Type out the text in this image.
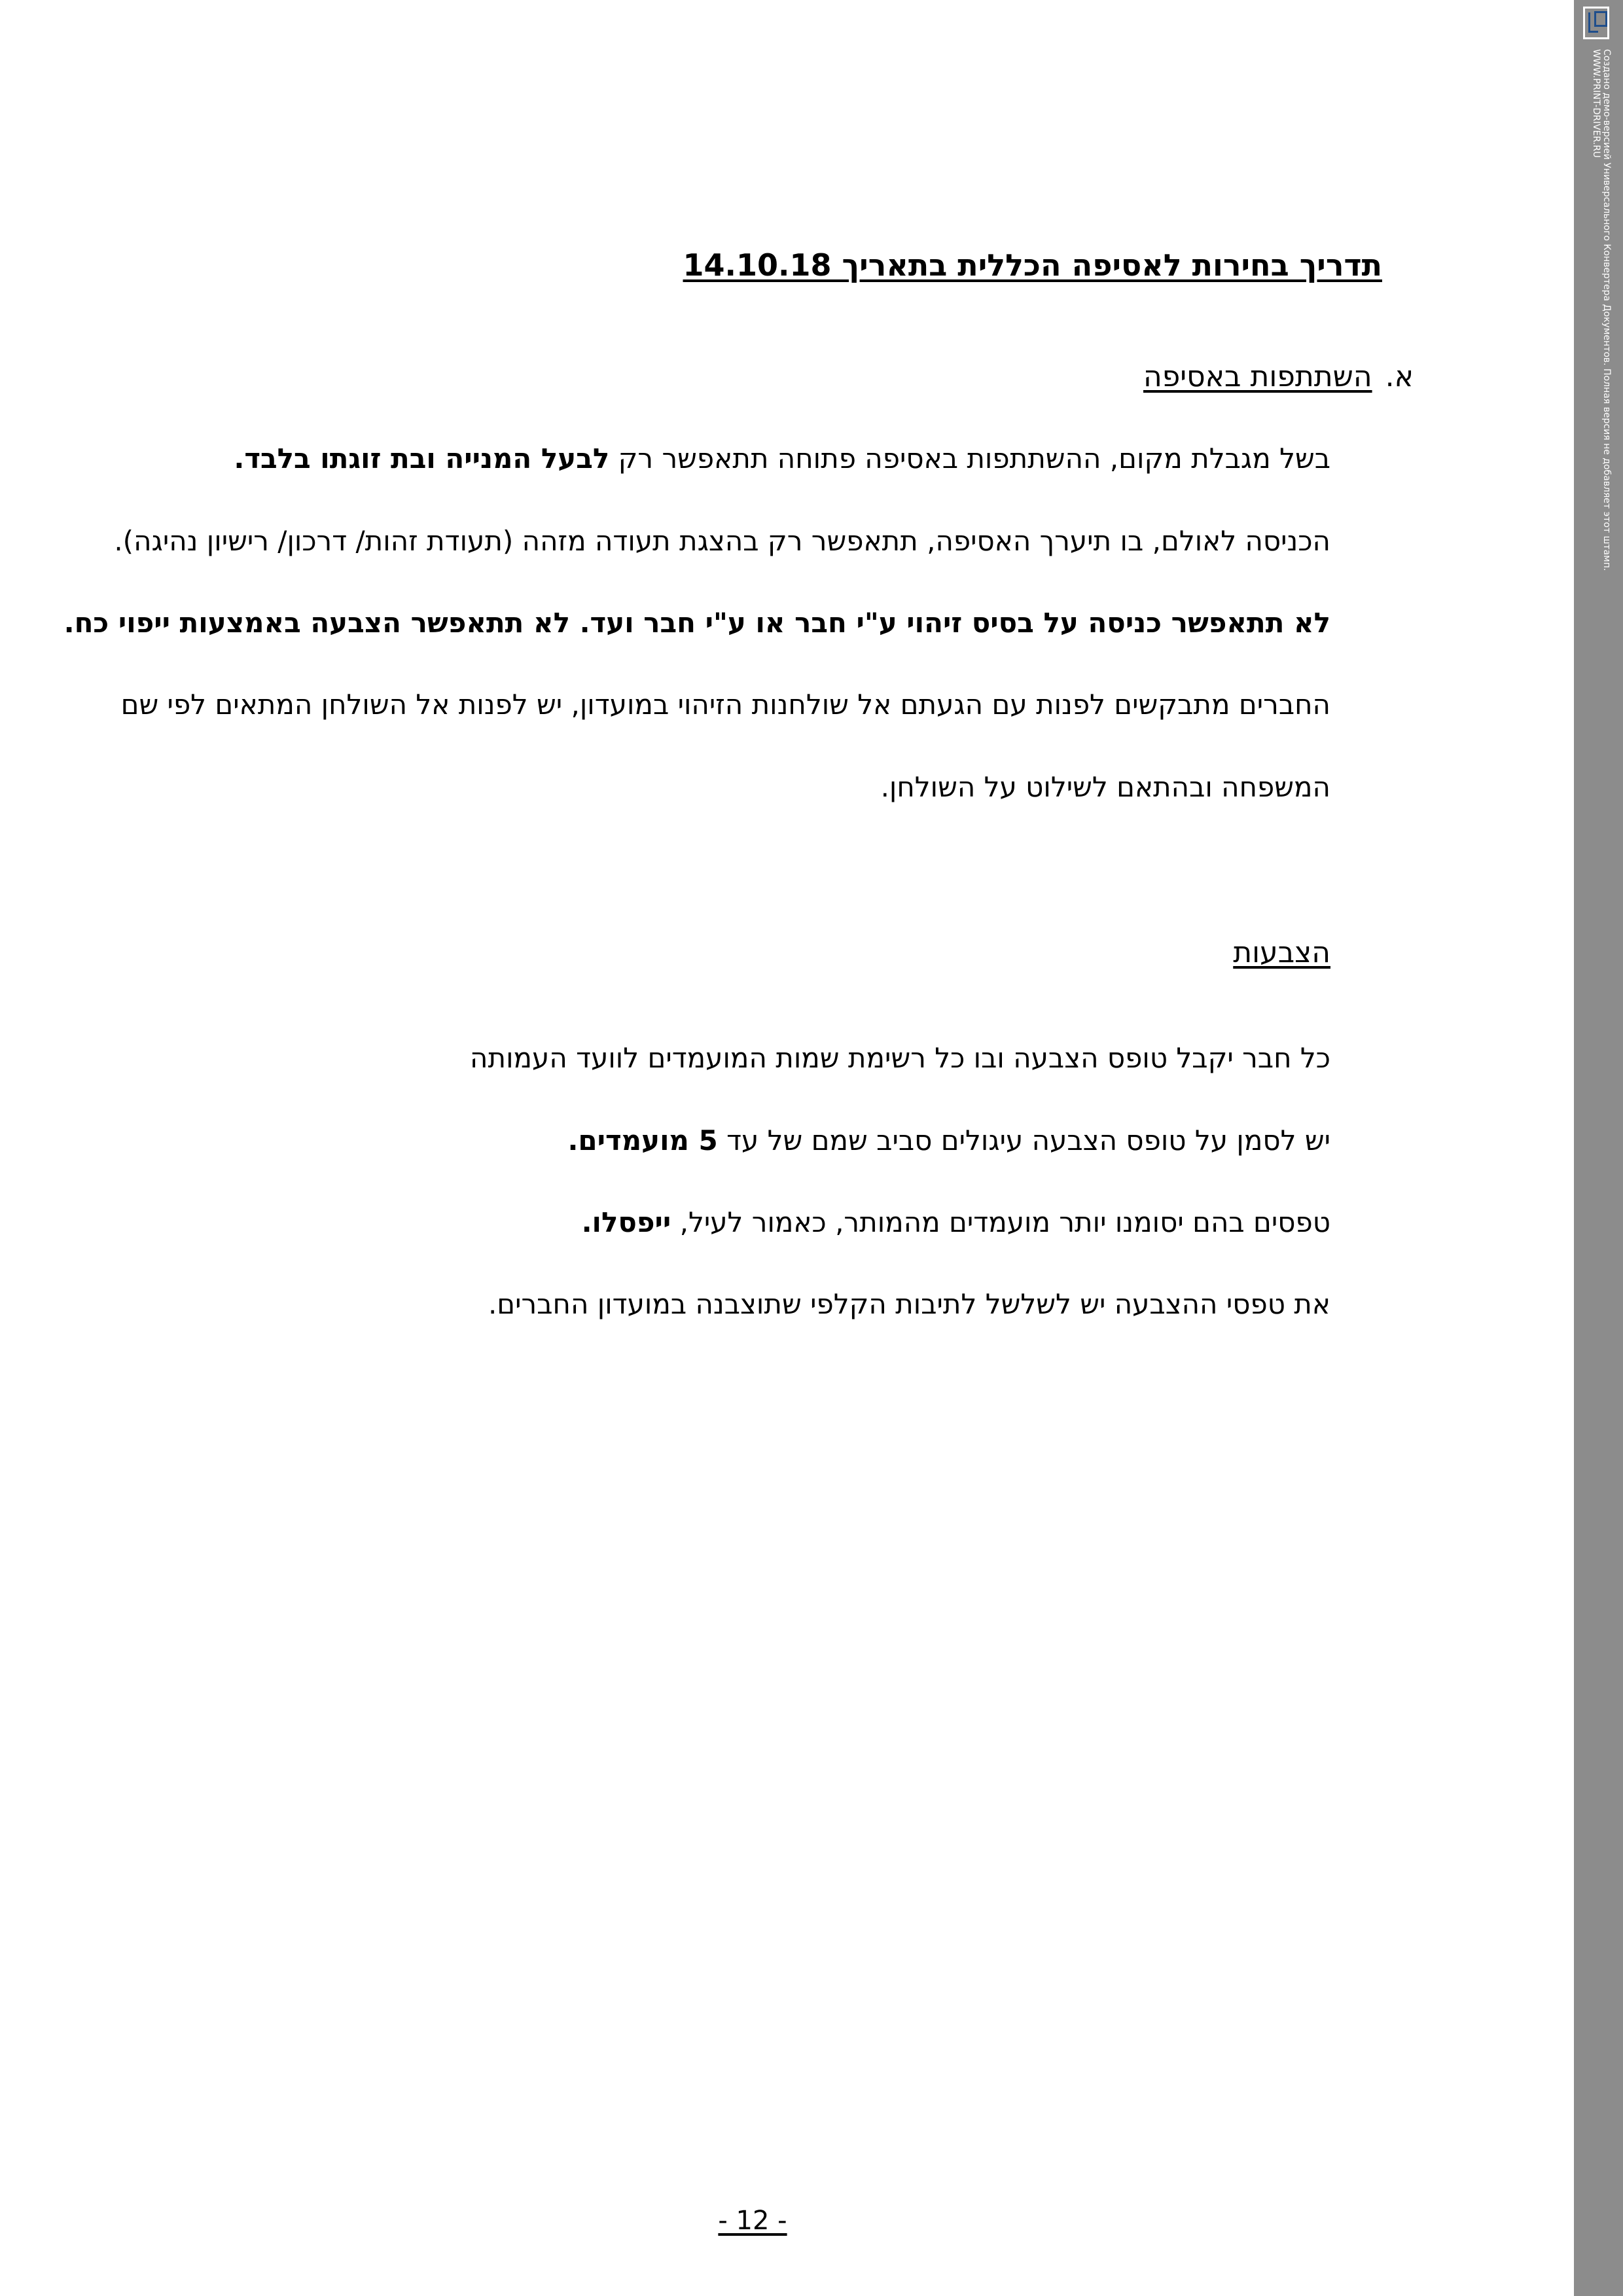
תדריך בחירות לאסיפה הכללית בתאריך 14.10.18
א.השתתפות באסיפה
בשל מגבלת מקום, ההשתתפות באסיפה פתוחה תתאפשר רק לבעל המנייה ובת זוגתו בלבד.
הכניסה לאולם, בו תיערך האסיפה, תתאפשר רק בהצגת תעודה מזהה (תעודת זהות/ דרכון/ רישיון נהיגה).
לא תתאפשר כניסה על בסיס זיהוי ע"י חבר או ע"י חבר ועד. לא תתאפשר הצבעה באמצעות ייפוי כח.
החברים מתבקשים לפנות עם הגעתם אל שולחנות הזיהוי במועדון, יש לפנות אל השולחן המתאים לפי שם
המשפחה ובהתאם לשילוט על השולחן.
הצבעות
כל חבר יקבל טופס הצבעה ובו כל רשימת שמות המועמדים לוועד העמותה
יש לסמן על טופס הצבעה עיגולים סביב שמם של עד 5 מועמדים.
טפסים בהם יסומנו יותר מועמדים מהמותר, כאמור לעיל, ייפסלו.
את טפסי ההצבעה יש לשלשל לתיבות הקלפי שתוצבנה במועדון החברים.
- 12 -
Создано демо-версией Универсального Конвертера Документов. Полная версия не добавляет этот штамп.
WWW.PRINT-DRIVER.RU
